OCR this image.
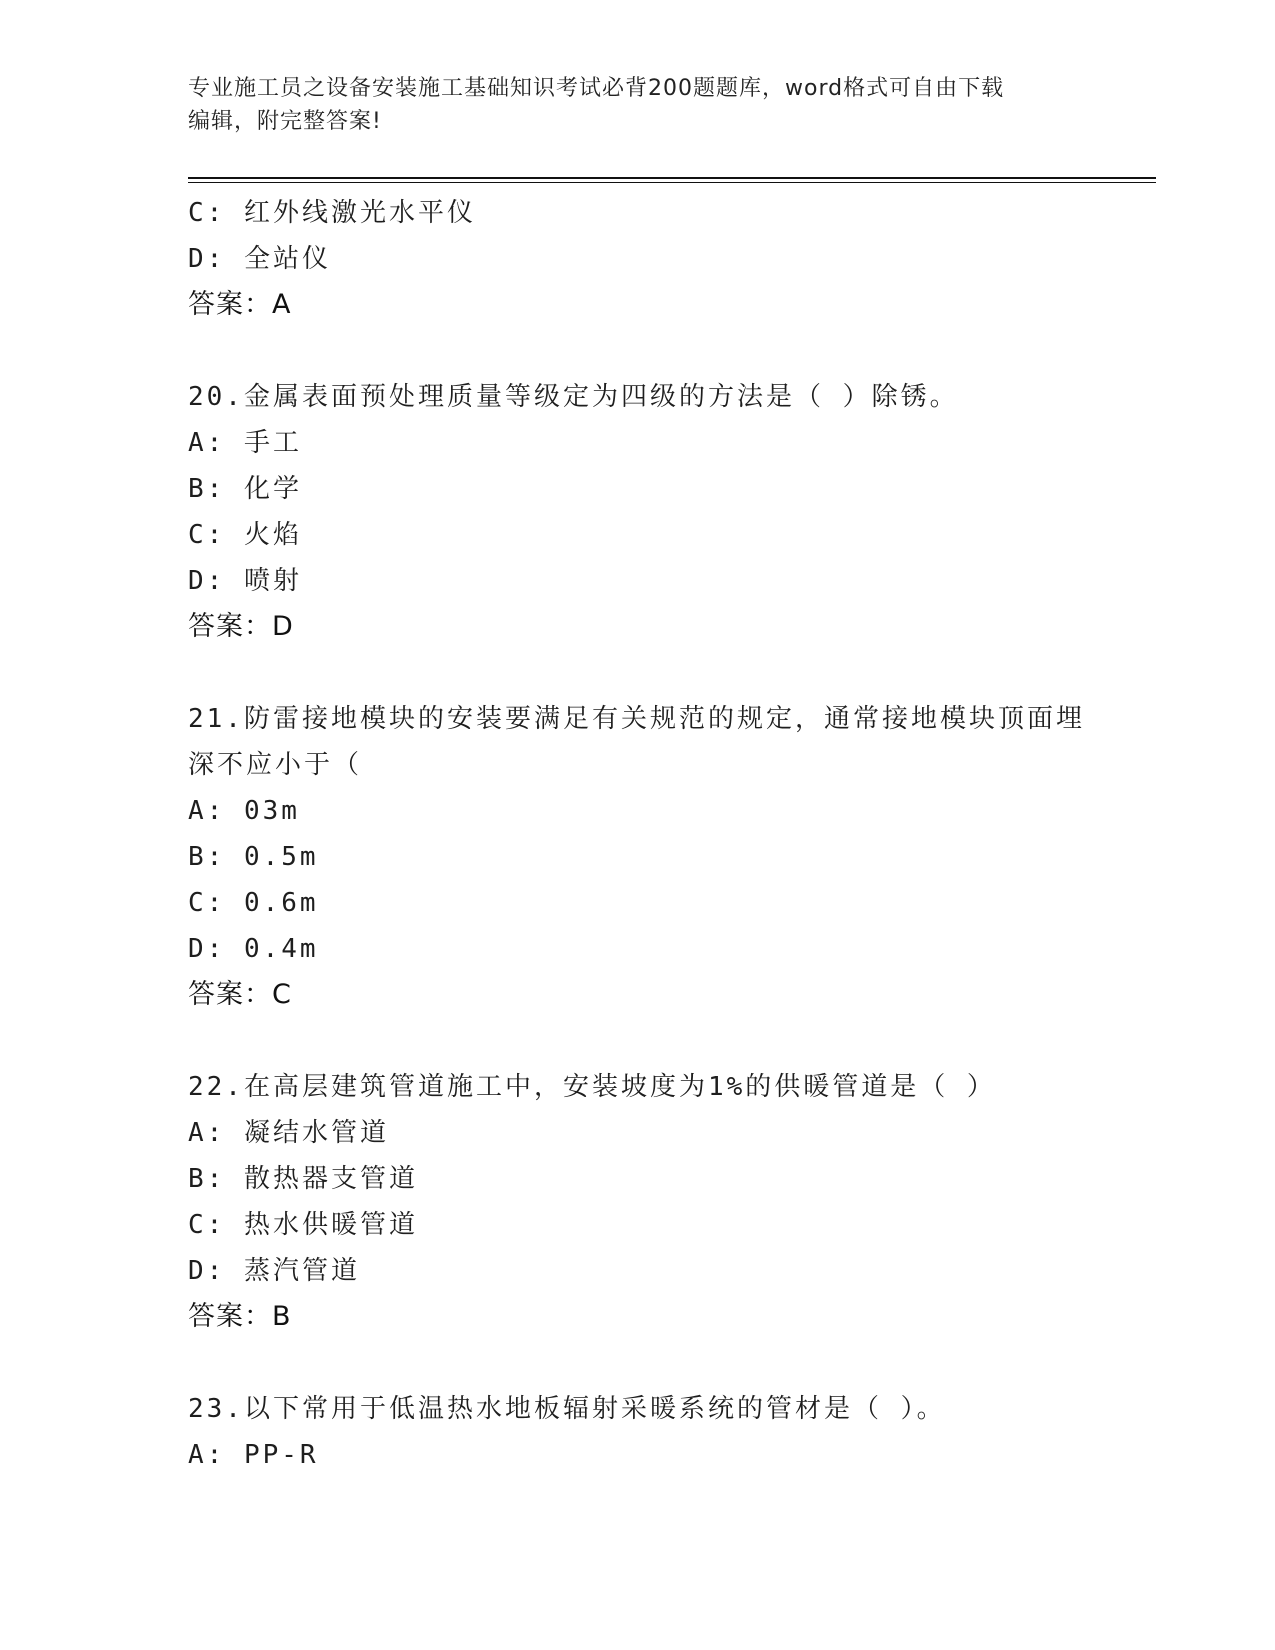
专业施工员之设备安装施工基础知识考试必背200题题库，word格式可自由下载
编辑，附完整答案!

C: 红外线激光水平仪

D: 全站仪

答案：A

20.金属表面预处理质量等级定为四级的方法是（ ）除锈。

A: 手工

B: 化学

C: 火焰

D: 喷射

答案：D

21.防雷接地模块的安装要满足有关规范的规定，通常接地模块顶面埋

深不应小于（

A: 03m

B: 0.5m

C: 0.6m

D: 0.4m

答案：C

22.在高层建筑管道施工中，安装坡度为1%的供暖管道是（ ）

A: 凝结水管道

B: 散热器支管道

C: 热水供暖管道

D: 蒸汽管道

答案：B

23.以下常用于低温热水地板辐射采暖系统的管材是（ ）。

A: PP-R
